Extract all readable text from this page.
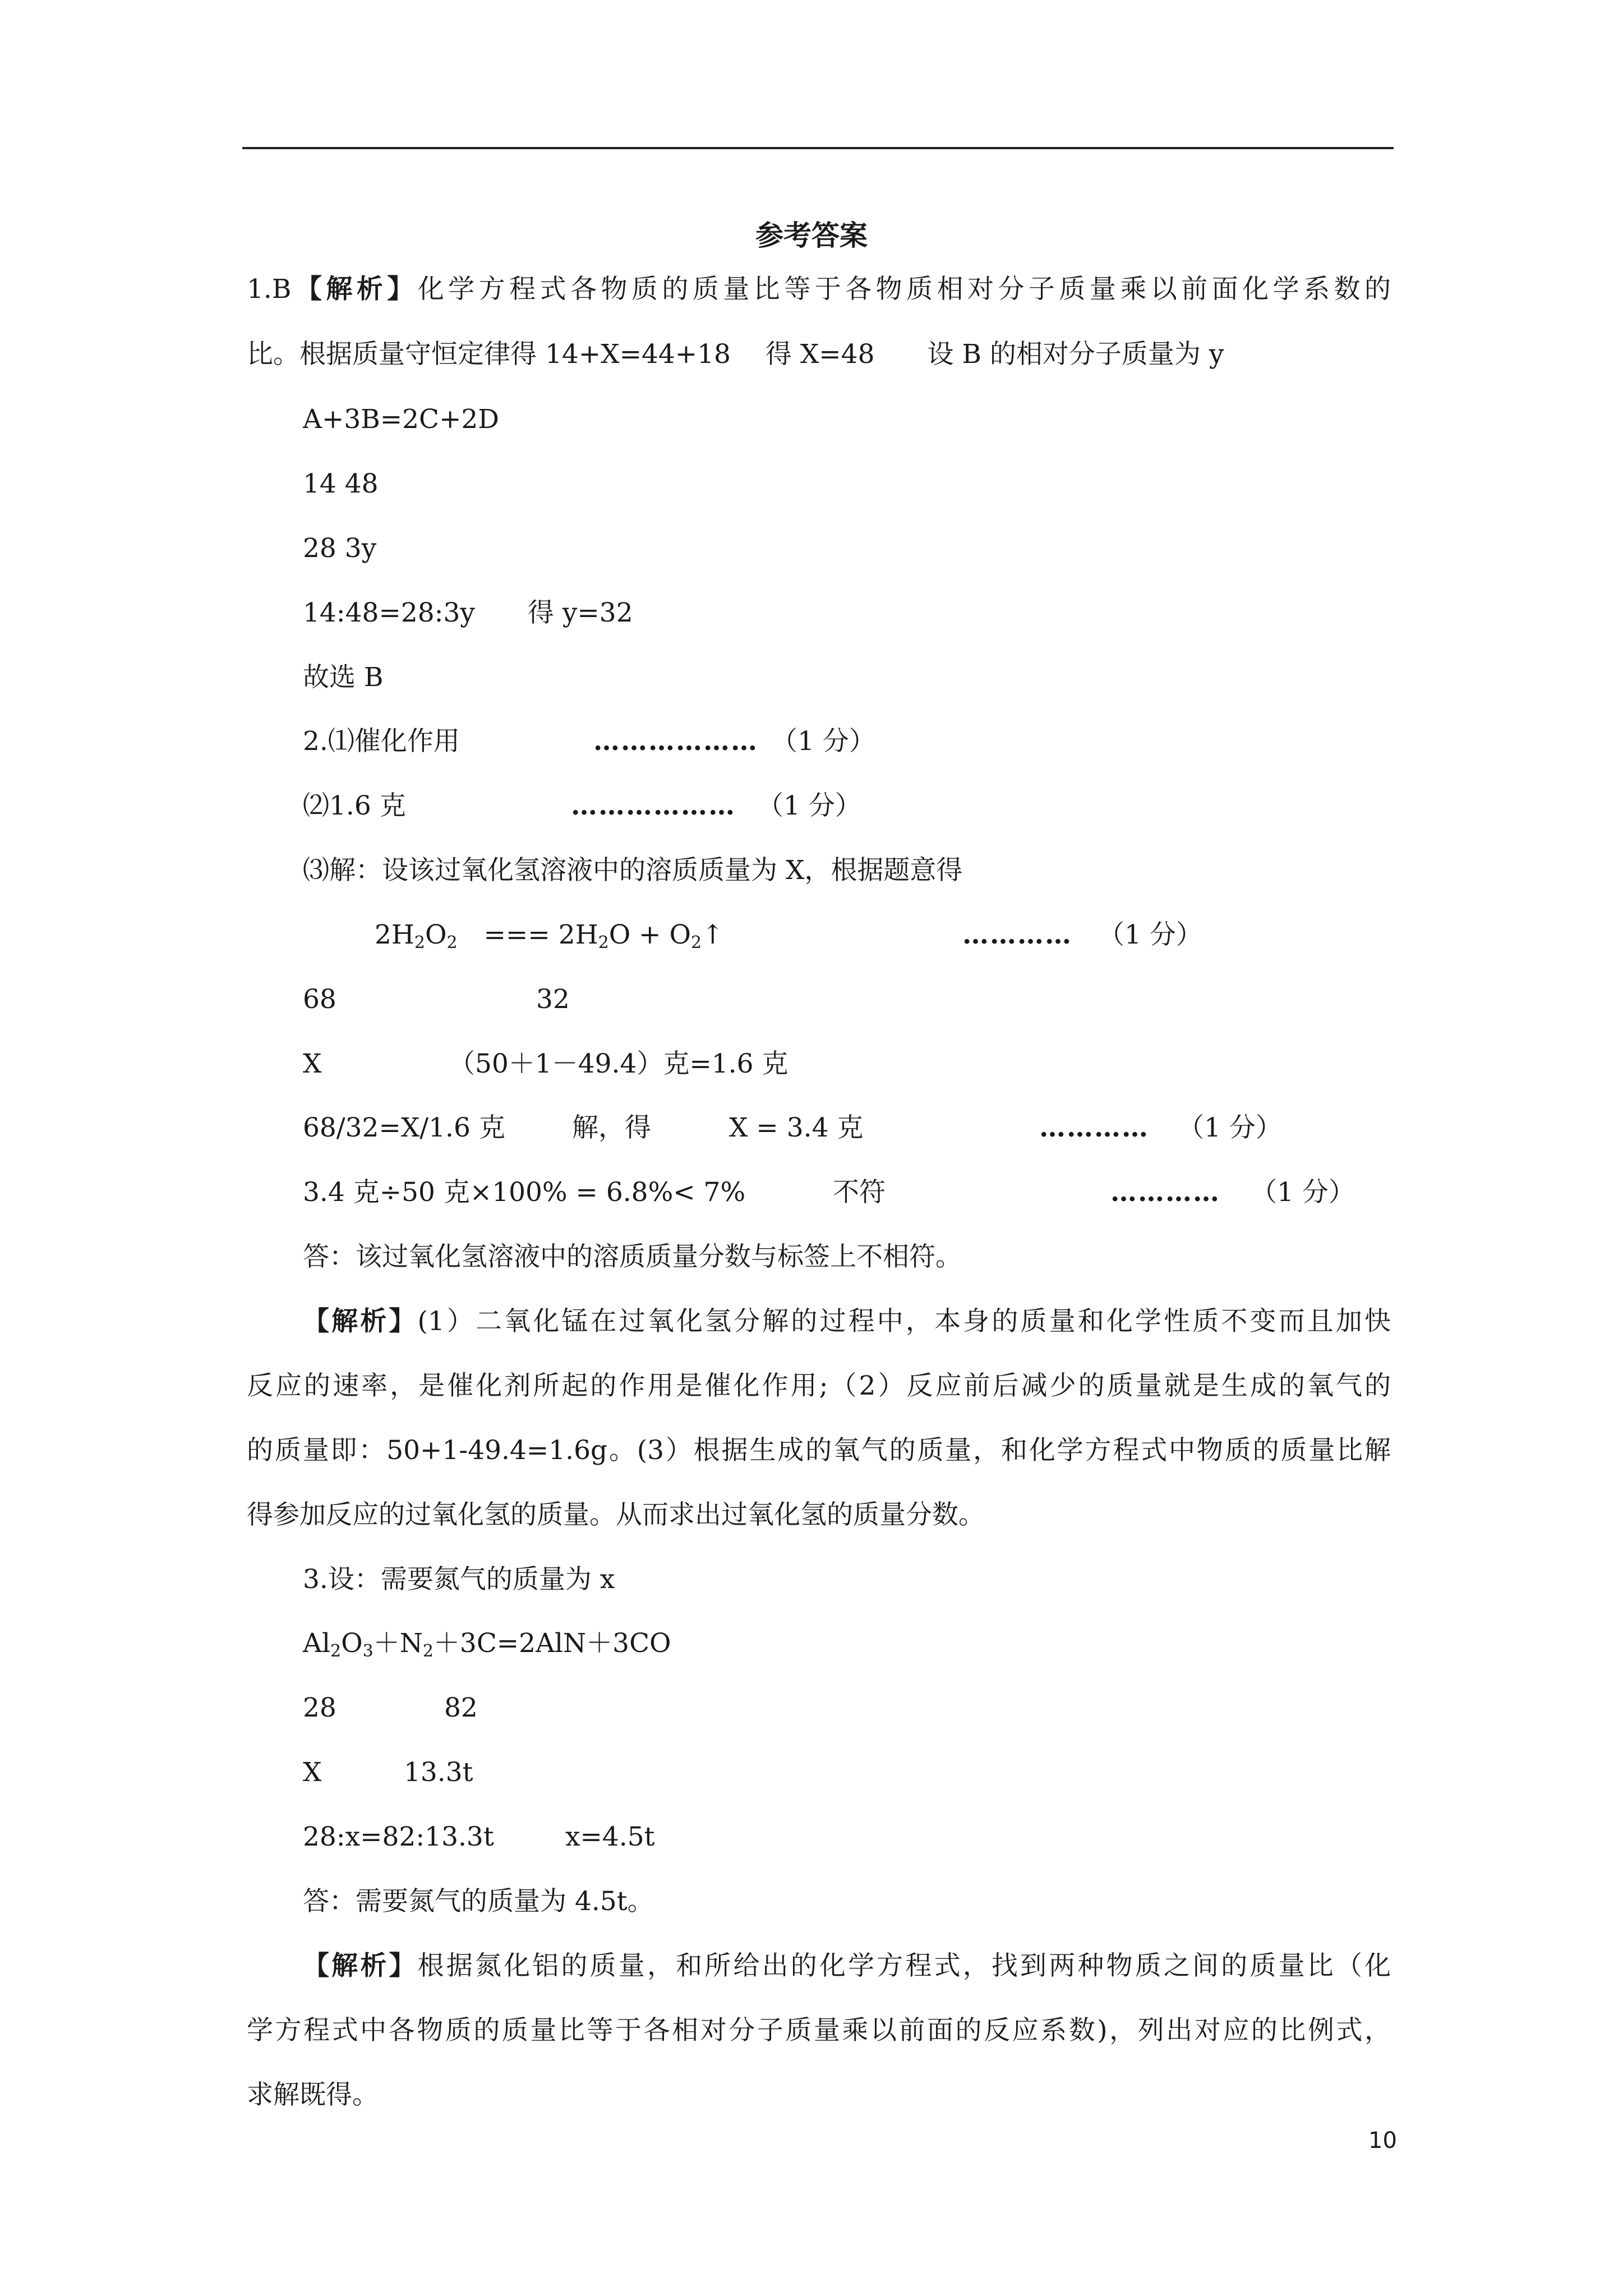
参考答案
1.B【解析】化学方程式各物质的质量比等于各物质相对分子质量乘以前面化学系数的
比。根据质量守恒定律得 14+X=44+18　 得 X=48　　设 B 的相对分子质量为 y
A+3B=2C+2D
14 48
28 3y
14:48=28:3y　　得 y=32
故选 B
2.⑴催化作用	……………… （1 分）
⑵1.6 克	……………… （1 分）
⑶解：设该过氧化氢溶液中的溶质质量为 X，根据题意得
$2H_2O_2$　=== $2H_2O$ + $O_2↑$	………… （1 分）
68	32
X	（50＋1－49.4）克=1.6 克
68/32=X/1.6 克	解，得	X = 3.4 克	………… （1 分）
3.4 克÷50 克×100% = 6.8%< 7%	不符	………… （1 分）
答：该过氧化氢溶液中的溶质质量分数与标签上不相符。
【解析】(1）二氧化锰在过氧化氢分解的过程中，本身的质量和化学性质不变而且加快
反应的速率，是催化剂所起的作用是催化作用;（2）反应前后减少的质量就是生成的氧气的
的质量即：50+1-49.4=1.6g。(3）根据生成的氧气的质量，和化学方程式中物质的质量比解
得参加反应的过氧化氢的质量。从而求出过氧化氢的质量分数。
3.设：需要氮气的质量为 x
$Al_2O_3+N_2+3C=2AlN+3CO$
28	82
X	13.3t
28:x=82:13.3t	x=4.5t
答：需要氮气的质量为 4.5t。
【解析】根据氮化铝的质量，和所给出的化学方程式，找到两种物质之间的质量比（化
学方程式中各物质的质量比等于各相对分子质量乘以前面的反应系数)，列出对应的比例式，
求解既得。
10
